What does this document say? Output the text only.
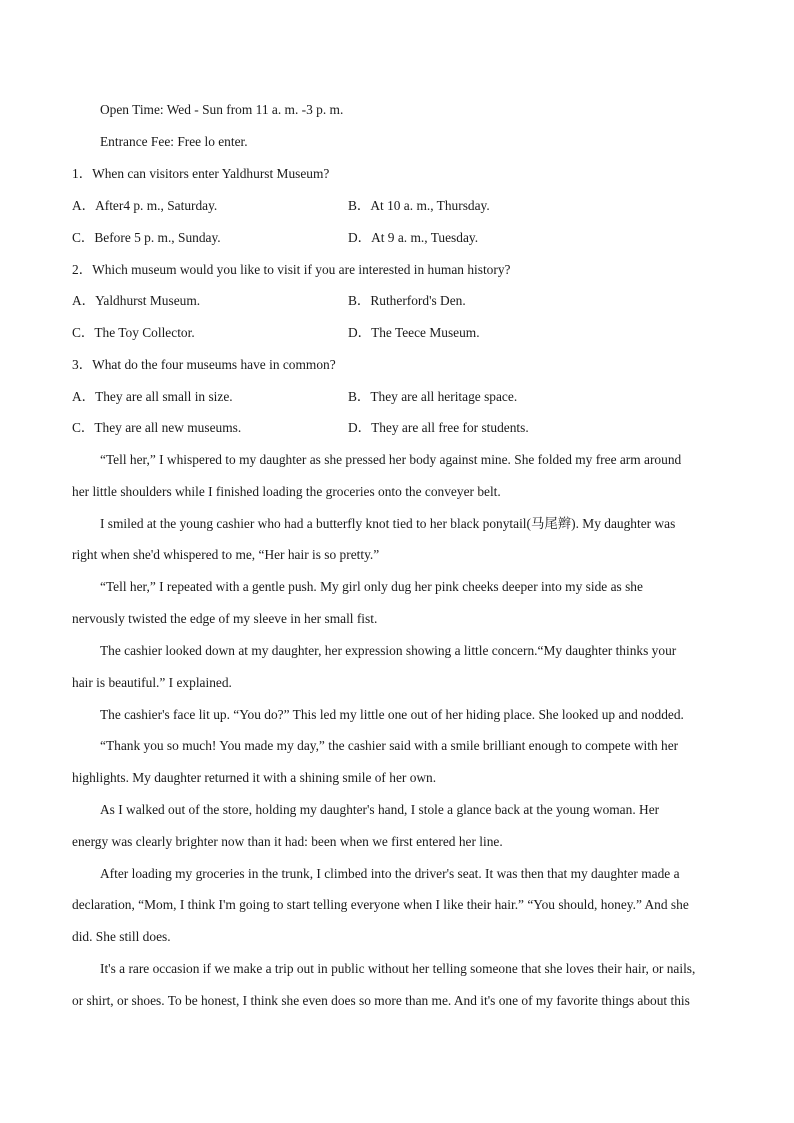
Open Time: Wed - Sun from 11 a. m. -3 p. m.
Entrance Fee: Free lo enter.
1．When can visitors enter Yaldhurst Museum?
A．After4 p. m., Saturday.	B．At 10 a. m., Thursday.
C．Before 5 p. m., Sunday.	D．At 9 a. m., Tuesday.
2．Which museum would you like to visit if you are interested in human history?
A．Yaldhurst Museum.	B．Rutherford's Den.
C．The Toy Collector.	D．The Teece Museum.
3．What do the four museums have in common?
A．They are all small in size.	B．They are all heritage space.
C．They are all new museums.	D．They are all free for students.
“Tell her,” I whispered to my daughter as she pressed her body against mine. She folded my free arm around
her little shoulders while I finished loading the groceries onto the conveyer belt.
I smiled at the young cashier who had a butterfly knot tied to her black ponytail(马尾辫). My daughter was
right when she'd whispered to me, “Her hair is so pretty.”
“Tell her,” I repeated with a gentle push. My girl only dug her pink cheeks deeper into my side as she
nervously twisted the edge of my sleeve in her small fist.
The cashier looked down at my daughter, her expression showing a little concern.“My daughter thinks your
hair is beautiful.” I explained.
The cashier's face lit up. “You do?” This led my little one out of her hiding place. She looked up and nodded.
“Thank you so much! You made my day,” the cashier said with a smile brilliant enough to compete with her
highlights. My daughter returned it with a shining smile of her own.
As I walked out of the store, holding my daughter's hand, I stole a glance back at the young woman. Her
energy was clearly brighter now than it had: been when we first entered her line.
After loading my groceries in the trunk, I climbed into the driver's seat. It was then that my daughter made a
declaration, “Mom, I think I'm going to start telling everyone when I like their hair.” “You should, honey.” And she
did. She still does.
It's a rare occasion if we make a trip out in public without her telling someone that she loves their hair, or nails,
or shirt, or shoes. To be honest, I think she even does so more than me. And it's one of my favorite things about this
